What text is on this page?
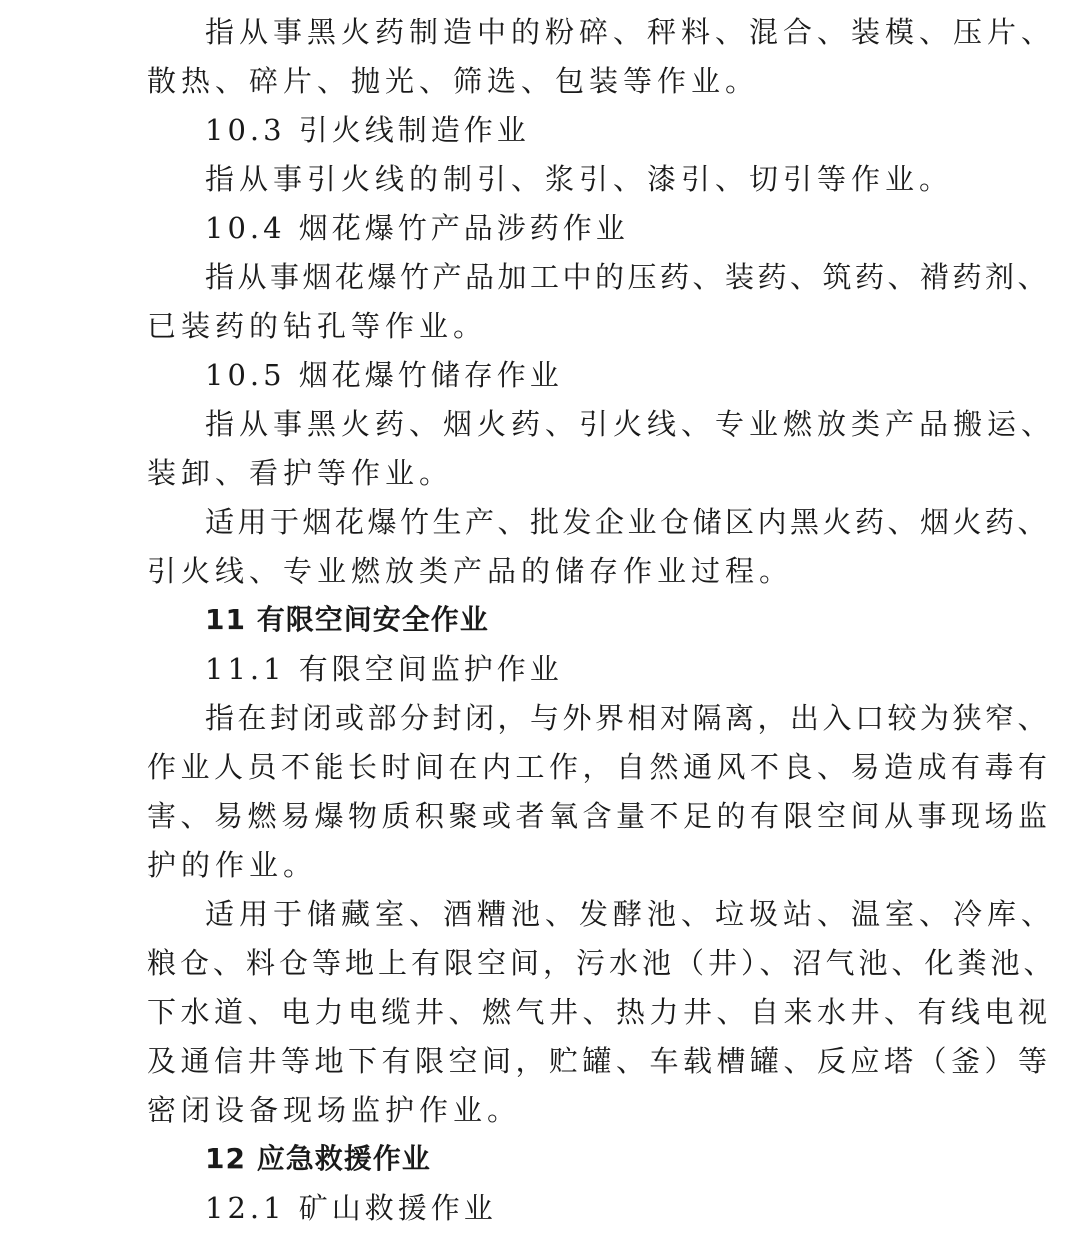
指从事黑火药制造中的粉碎、秤料、混合、装模、压片、
散热、碎片、抛光、筛选、包装等作业。
10.3 引火线制造作业
指从事引火线的制引、浆引、漆引、切引等作业。
10.4 烟花爆竹产品涉药作业
指从事烟花爆竹产品加工中的压药、装药、筑药、褙药剂、
已装药的钻孔等作业。
10.5 烟花爆竹储存作业
指从事黑火药、烟火药、引火线、专业燃放类产品搬运、
装卸、看护等作业。
适用于烟花爆竹生产、批发企业仓储区内黑火药、烟火药、
引火线、专业燃放类产品的储存作业过程。
11 有限空间安全作业
11.1 有限空间监护作业
指在封闭或部分封闭，与外界相对隔离，出入口较为狭窄、
作业人员不能长时间在内工作，自然通风不良、易造成有毒有
害、易燃易爆物质积聚或者氧含量不足的有限空间从事现场监
护的作业。
适用于储藏室、酒糟池、发酵池、垃圾站、温室、冷库、
粮仓、料仓等地上有限空间，污水池（井）、沼气池、化粪池、
下水道、电力电缆井、燃气井、热力井、自来水井、有线电视
及通信井等地下有限空间，贮罐、车载槽罐、反应塔（釜）等
密闭设备现场监护作业。
12 应急救援作业
12.1 矿山救援作业
